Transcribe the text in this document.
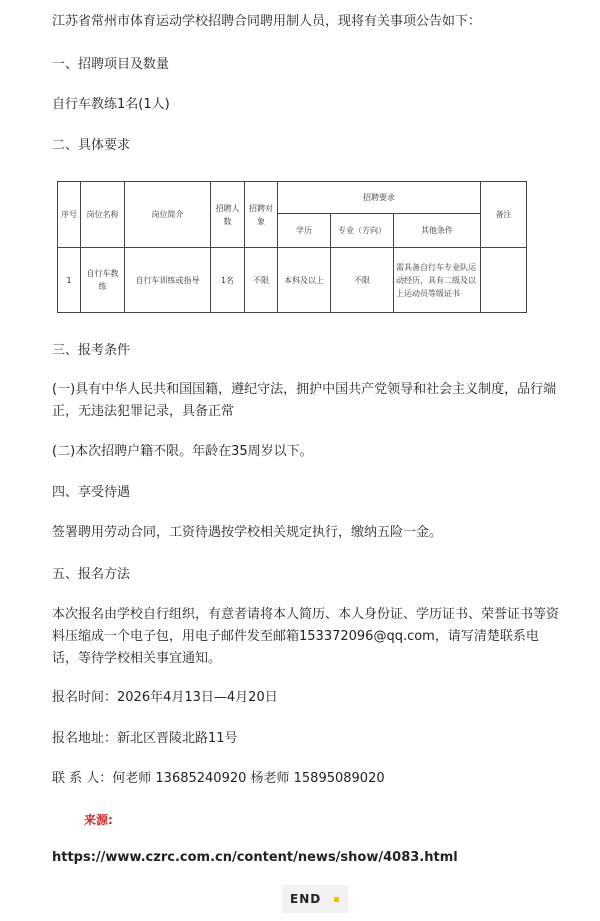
江苏省常州市体育运动学校招聘合同聘用制人员，现将有关事项公告如下：
一、招聘项目及数量
自行车教练1名(1人)
二、具体要求
序号	岗位名称	岗位简介	招聘人数	招聘对象	招聘要求			备注
					学历	专业（方向）	其他条件	
1	自行车教练	自行车训练或指导	1名	不限	本科及以上	不限	需具备自行车专业队运动经历，具有二级及以上运动员等级证书	
三、报考条件
(一)具有中华人民共和国国籍，遵纪守法，拥护中国共产党领导和社会主义制度，品行端正，无违法犯罪记录，具备正常
(二)本次招聘户籍不限。年龄在35周岁以下。
四、享受待遇
签署聘用劳动合同，工资待遇按学校相关规定执行，缴纳五险一金。
五、报名方法
本次报名由学校自行组织，有意者请将本人简历、本人身份证、学历证书、荣誉证书等资料压缩成一个电子包，用电子邮件发至邮箱153372096@qq.com，请写清楚联系电话，等待学校相关事宜通知。
报名时间：2026年4月13日—4月20日
报名地址：新北区晋陵北路11号
联 系 人：何老师 13685240920 杨老师 15895089020
来源:
https://www.czrc.com.cn/content/news/show/4083.html
END
